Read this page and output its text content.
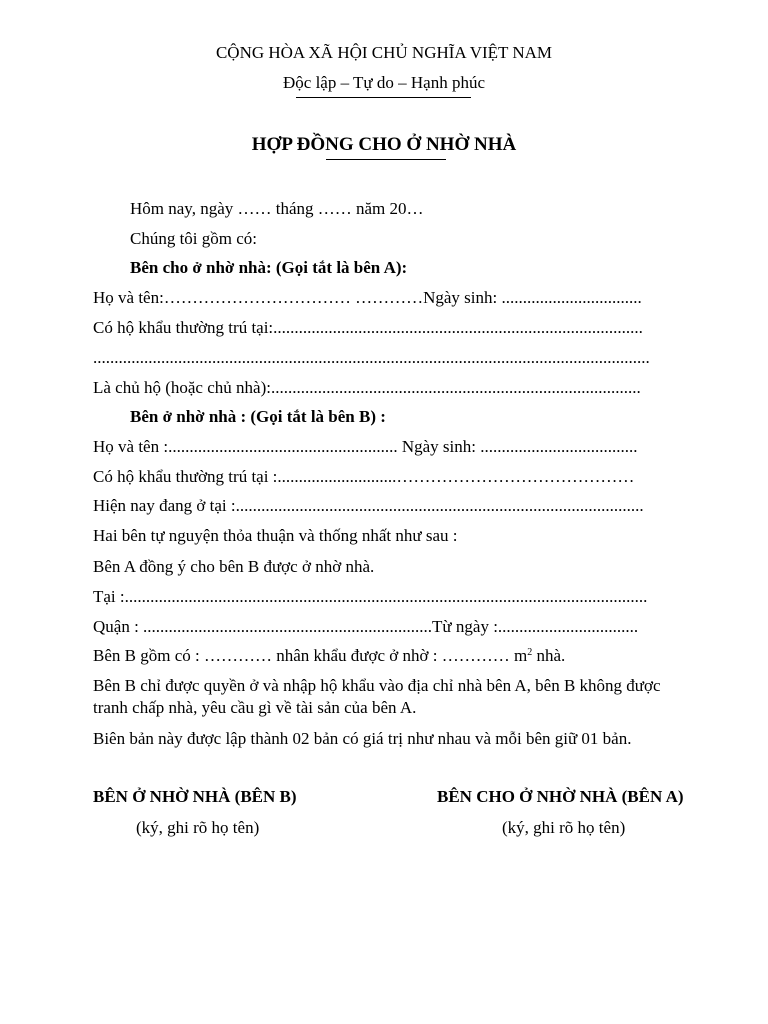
CỘNG HÒA XÃ HỘI CHỦ NGHĨA VIỆT NAM
Độc lập – Tự do – Hạnh phúc
HỢP ĐỒNG CHO Ở NHỜ NHÀ
Hôm nay, ngày …… tháng …… năm 20…
Chúng tôi gồm có:
Bên cho ở nhờ nhà: (Gọi tắt là bên A):
Họ và tên:…………………………… …………Ngày sinh: .................................
Có hộ khẩu thường trú tại:.......................................................................................
...................................................................................................................................
Là chủ hộ (hoặc chủ nhà):.......................................................................................
Bên ở nhờ nhà : (Gọi tắt là bên B) :
Họ và tên :...................................................... Ngày sinh: .....................................
Có hộ khẩu thường trú tại :............................……………………………………
Hiện nay đang ở tại :................................................................................................
Hai bên tự nguyện thỏa thuận và thống nhất như sau :
Bên A đồng ý cho bên B được ở nhờ nhà.
Tại :...........................................................................................................................
Quận : ....................................................................Từ ngày :.................................
Bên B gồm có : ………… nhân khẩu được ở nhờ : ………… $m^2$ nhà.
Bên B chỉ được quyền ở và nhập hộ khẩu vào địa chỉ nhà bên A, bên B không được tranh chấp nhà, yêu cầu gì về tài sản của bên A.
Biên bản này được lập thành 02 bản có giá trị như nhau và mỗi bên giữ 01 bản.
BÊN Ở NHỜ NHÀ (BÊN B)
(ký, ghi rõ họ tên)
BÊN CHO Ở NHỜ NHÀ (BÊN A)
(ký, ghi rõ họ tên)
